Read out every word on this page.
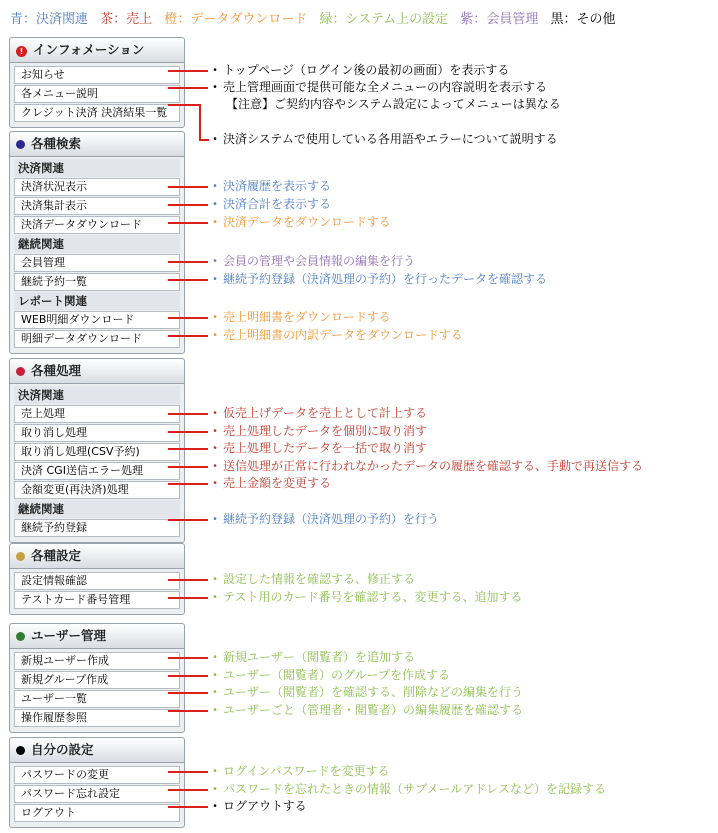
青：決済関連 茶：売上 橙：データダウンロード 緑：システム上の設定 紫：会員管理 黒：その他
! インフォメーション
お知らせ
各メニュー説明
クレジット決済 決済結果一覧
各種検索
決済関連
決済状況表示
決済集計表示
決済データダウンロード
継続関連
会員管理
継続予約一覧
レポート関連
WEB明細ダウンロード
明細データダウンロード
各種処理
決済関連
売上処理
取り消し処理
取り消し処理(CSV予約)
決済 CGI送信エラー処理
金額変更(再決済)処理
継続関連
継続予約登録
各種設定
設定情報確認
テストカード番号管理
ユーザー管理
新規ユーザー作成
新規グループ作成
ユーザー一覧
操作履歴参照
自分の設定
パスワードの変更
パスワード忘れ設定
ログアウト
・ トップページ（ログイン後の最初の画面）を表示する
・ 売上管理画面で提供可能な全メニューの内容説明を表示する
【注意】ご契約内容やシステム設定によってメニューは異なる
・ 決済システムで使用している各用語やエラーについて説明する
・ 決済履歴を表示する
・ 決済合計を表示する
・ 決済データをダウンロードする
・ 会員の管理や会員情報の編集を行う
・ 継続予約登録（決済処理の予約）を行ったデータを確認する
・ 売上明細書をダウンロードする
・ 売上明細書の内訳データをダウンロードする
・ 仮売上げデータを売上として計上する
・ 売上処理したデータを個別に取り消す
・ 売上処理したデータを一括で取り消す
・ 送信処理が正常に行われなかったデータの履歴を確認する、手動で再送信する
・ 売上金額を変更する
・ 継続予約登録（決済処理の予約）を行う
・ 設定した情報を確認する、修正する
・ テスト用のカード番号を確認する、変更する、追加する
・ 新規ユーザー（閲覧者）を追加する
・ ユーザー（閲覧者）のグループを作成する
・ ユーザー（閲覧者）を確認する、削除などの編集を行う
・ ユーザーごと（管理者・閲覧者）の編集履歴を確認する
・ ログインパスワードを変更する
・ パスワードを忘れたときの情報（サブメールアドレスなど）を記録する
・ ログアウトする
